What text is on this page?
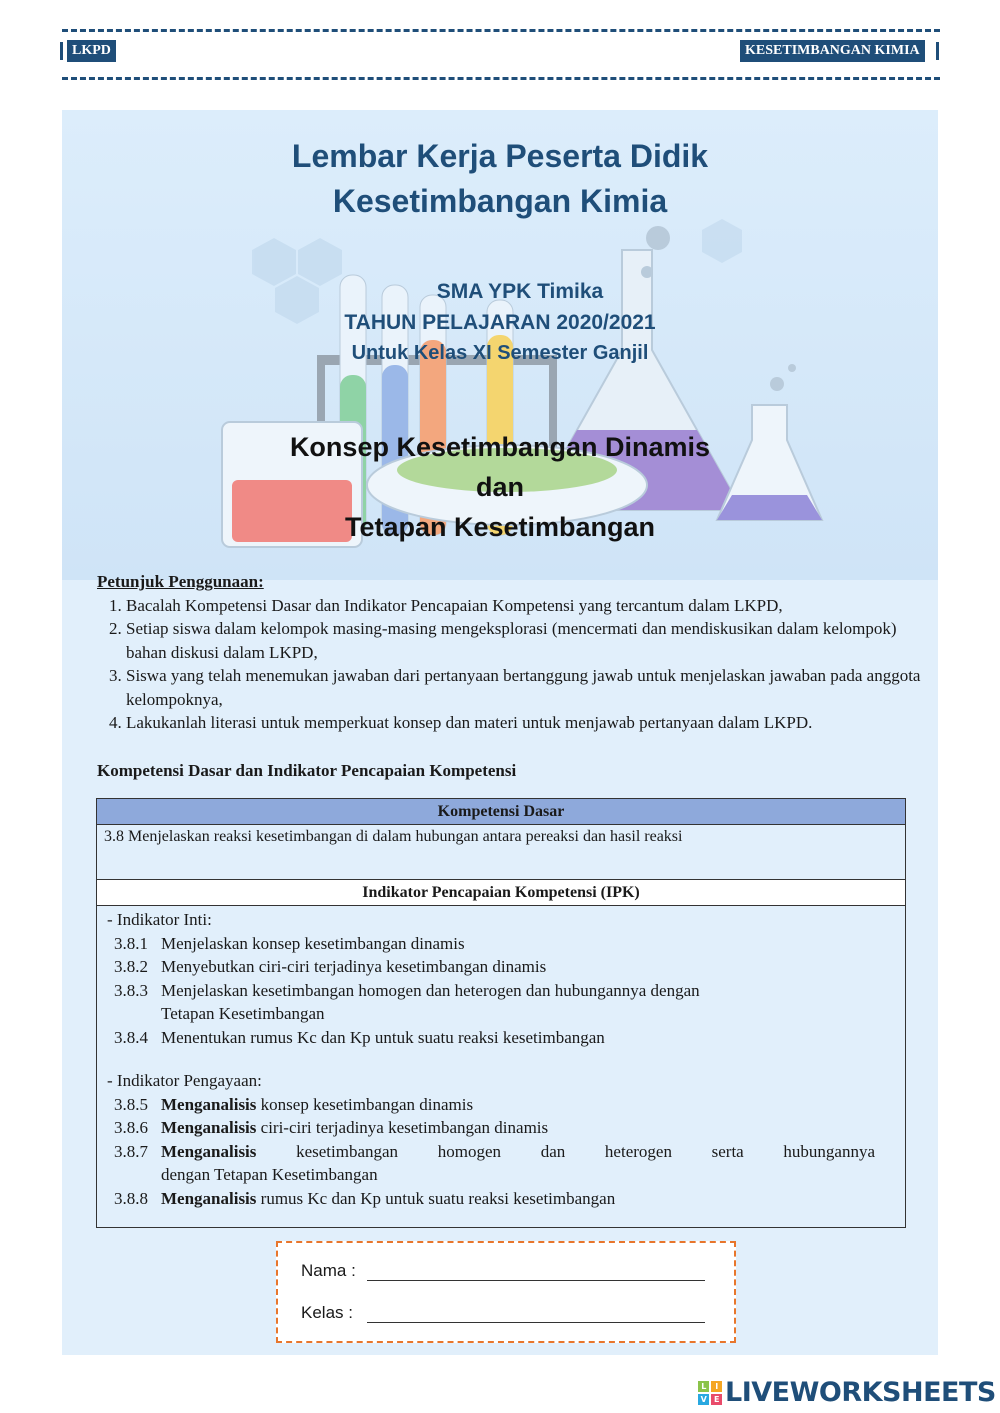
LKPD	KESETIMBANGAN KIMIA
Lembar Kerja Peserta Didik
Kesetimbangan Kimia
SMA YPK Timika
TAHUN PELAJARAN 2020/2021
Untuk Kelas XI Semester Ganjil
Konsep Kesetimbangan Dinamis
dan
Tetapan Kesetimbangan
Petunjuk Penggunaan:
1. Bacalah Kompetensi Dasar dan Indikator Pencapaian Kompetensi yang tercantum dalam LKPD,
2. Setiap siswa dalam kelompok masing-masing mengeksplorasi (mencermati dan mendiskusikan dalam kelompok) bahan diskusi dalam LKPD,
3. Siswa yang telah menemukan jawaban dari pertanyaan bertanggung jawab untuk menjelaskan jawaban pada anggota kelompoknya,
4. Lakukanlah literasi untuk memperkuat konsep dan materi untuk menjawab pertanyaan dalam LKPD.
Kompetensi Dasar dan Indikator Pencapaian Kompetensi
Kompetensi Dasar
3.8 Menjelaskan reaksi kesetimbangan di dalam hubungan antara pereaksi dan hasil reaksi
Indikator Pencapaian Kompetensi (IPK)
- Indikator Inti:
3.8.1 Menjelaskan konsep kesetimbangan dinamis
3.8.2 Menyebutkan ciri-ciri terjadinya kesetimbangan dinamis
3.8.3 Menjelaskan kesetimbangan homogen dan heterogen dan hubungannya dengan
Tetapan Kesetimbangan
3.8.4 Menentukan rumus Kc dan Kp untuk suatu reaksi kesetimbangan
- Indikator Pengayaan:
3.8.5 Menganalisis konsep kesetimbangan dinamis
3.8.6 Menganalisis ciri-ciri terjadinya kesetimbangan dinamis
3.8.7 Menganalisis kesetimbangan homogen dan heterogen serta hubungannya
dengan Tetapan Kesetimbangan
3.8.8 Menganalisis rumus Kc dan Kp untuk suatu reaksi kesetimbangan
Nama :
Kelas :
L	I
V E LIVEWORKSHEETS
